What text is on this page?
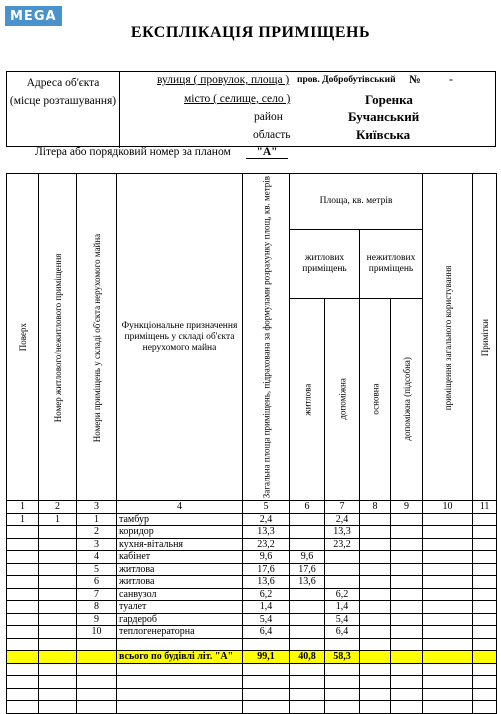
MEGA
ЕКСПЛІКАЦІЯ ПРИМІЩЕНЬ
Адреса об'єкта
(місце розташування)
вулиця ( провулок, площа ) пров. Добробутівський № -
місто ( селище, село )	Горенка
район	Бучанський
область	Київська
Літера або порядковий номер за планом	"А"
Поверх	Номер житлового/нежитлового приміщення	Номери приміщень у складі об'єкта нерухомого майна	Функціональне призначення приміщень у складі об'єкта нерухомого майна	Загальна площа приміщень, підрахована за формулами розрахунку площ, кв. метрів	Площа, кв. метрів				приміщення загального користування	Примітки
					житлових приміщень		нежитлових приміщень			
					житлова	допоміжна	основна	допоміжна (підсобна)		
1	2	3	4	5	6	7	8	9	10	11
1	1	1	тамбур	2,4		2,4				
		2	коридор	13,3		13,3				
		3	кухня-вітальня	23,2		23,2				
		4	кабінет	9,6	9,6					
		5	житлова	17,6	17,6					
		6	житлова	13,6	13,6					
		7	санвузол	6,2		6,2				
		8	туалет	1,4		1,4				
		9	гардероб	5,4		5,4				
		10	теплогенераторна	6,4		6,4				

			всього по будівлі літ. "А"	99,1	40,8	58,3				
